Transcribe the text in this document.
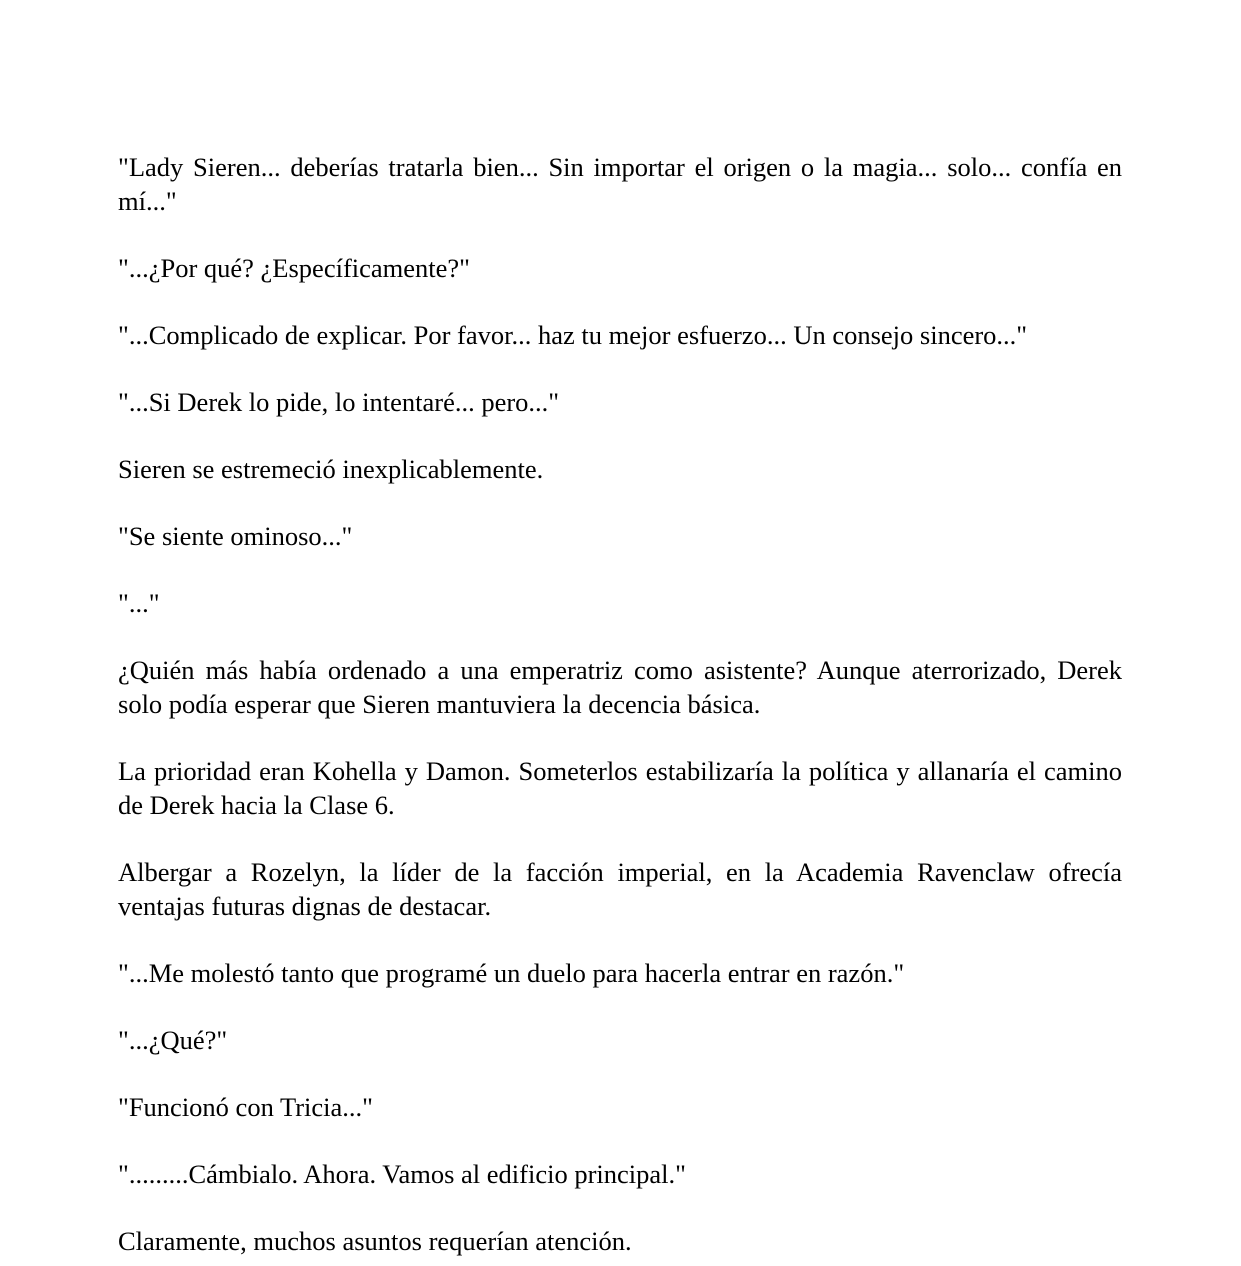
"Lady Sieren... deberías tratarla bien... Sin importar el origen o la magia... solo... confía en mí..."

"...¿Por qué? ¿Específicamente?"

"...Complicado de explicar. Por favor... haz tu mejor esfuerzo... Un consejo sincero..."

"...Si Derek lo pide, lo intentaré... pero..."

Sieren se estremeció inexplicablemente.

"Se siente ominoso..."

"..."

¿Quién más había ordenado a una emperatriz como asistente? Aunque aterrorizado, Derek solo podía esperar que Sieren mantuviera la decencia básica.

La prioridad eran Kohella y Damon. Someterlos estabilizaría la política y allanaría el camino de Derek hacia la Clase 6.

Albergar a Rozelyn, la líder de la facción imperial, en la Academia Ravenclaw ofrecía ventajas futuras dignas de destacar.

"...Me molestó tanto que programé un duelo para hacerla entrar en razón."

"...¿Qué?"

"Funcionó con Tricia..."

".........Cámbialo. Ahora. Vamos al edificio principal."

Claramente, muchos asuntos requerían atención.
